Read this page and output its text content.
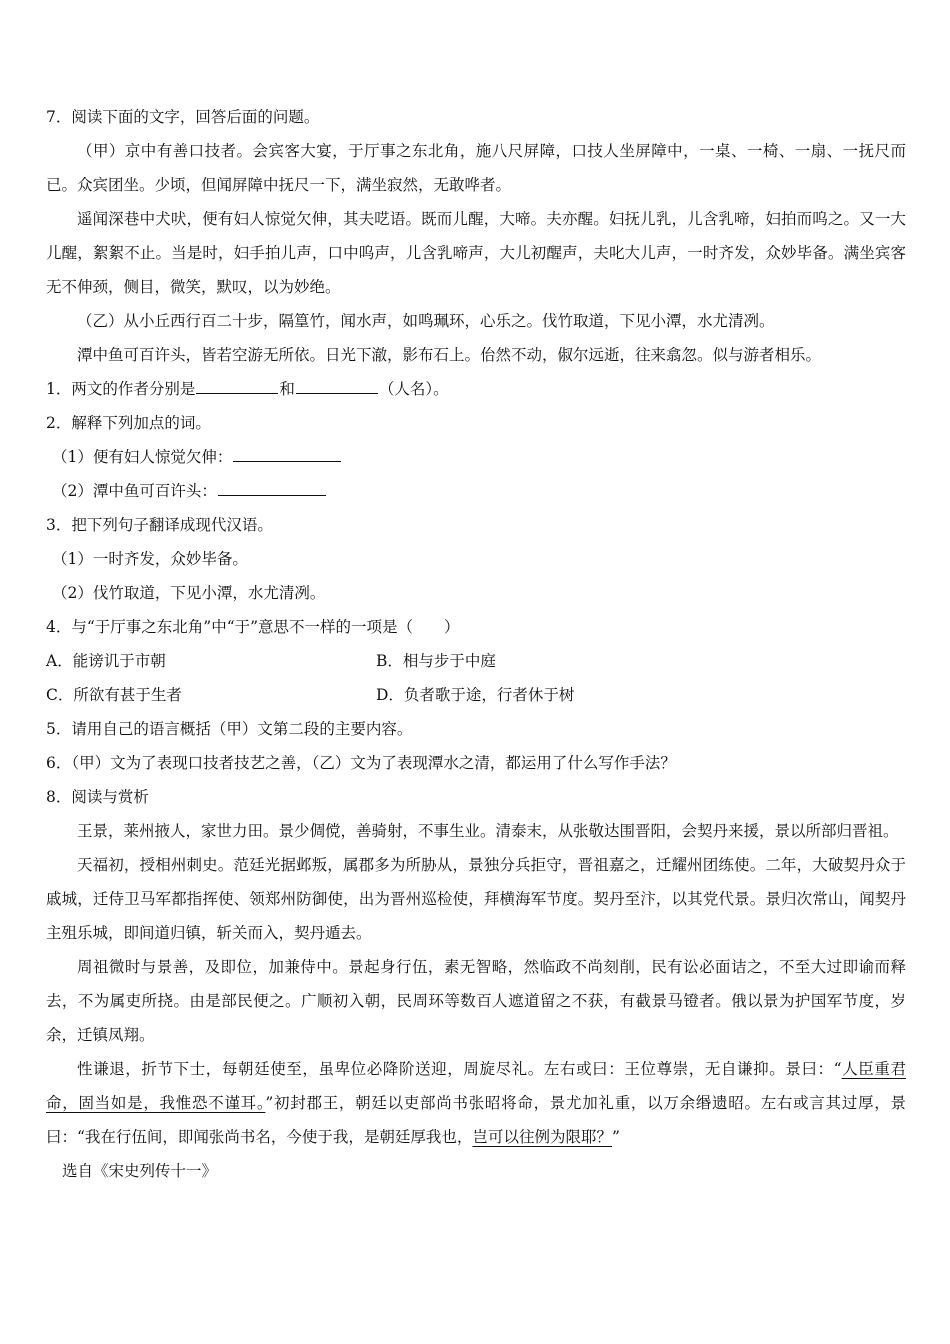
7．阅读下面的文字，回答后面的问题。

（甲）京中有善口技者。会宾客大宴，于厅事之东北角，施八尺屏障，口技人坐屏障中，一桌、一椅、一扇、一抚尺而已。众宾团坐。少顷，但闻屏障中抚尺一下，满坐寂然，无敢哗者。

遥闻深巷中犬吠，便有妇人惊觉欠伸，其夫呓语。既而儿醒，大啼。夫亦醒。妇抚儿乳，儿含乳啼，妇拍而呜之。又一大儿醒，絮絮不止。当是时，妇手拍儿声，口中呜声，儿含乳啼声，大儿初醒声，夫叱大儿声，一时齐发，众妙毕备。满坐宾客无不伸颈，侧目，微笑，默叹，以为妙绝。

（乙）从小丘西行百二十步，隔篁竹，闻水声，如鸣珮环，心乐之。伐竹取道，下见小潭，水尤清冽。

潭中鱼可百许头，皆若空游无所依。日光下澈，影布石上。佁然不动，俶尔远逝，往来翕忽。似与游者相乐。

1．两文的作者分别是	和	（人名）。
2．解释下列加点的词。
（1）便有妇人惊觉欠伸：
（2）潭中鱼可百许头：
3．把下列句子翻译成现代汉语。
（1）一时齐发，众妙毕备。
（2）伐竹取道，下见小潭，水尤清冽。
4．与“于厅事之东北角”中“于”意思不一样的一项是（　　）
A．能谤讥于市朝	B．相与步于中庭
C．所欲有甚于生者	D．负者歌于途，行者休于树
5．请用自己的语言概括（甲）文第二段的主要内容。
6．（甲）文为了表现口技者技艺之善，（乙）文为了表现潭水之清，都运用了什么写作手法？
8．阅读与赏析

王景，莱州掖人，家世力田。景少倜傥，善骑射，不事生业。清泰末，从张敬达围晋阳，会契丹来援，景以所部归晋祖。

天福初，授相州刺史。范廷光据邺叛，属郡多为所胁从，景独分兵拒守，晋祖嘉之，迁耀州团练使。二年，大破契丹众于戚城，迁侍卫马军都指挥使、领郑州防御使，出为晋州巡检使，拜横海军节度。契丹至汴，以其党代景。景归次常山，闻契丹主殂乐城，即间道归镇，斩关而入，契丹遁去。

周祖微时与景善，及即位，加兼侍中。景起身行伍，素无智略，然临政不尚刻削，民有讼必面诘之，不至大过即谕而释去，不为属吏所挠。由是部民便之。广顺初入朝，民周环等数百人遮道留之不获，有截景马镫者。俄以景为护国军节度，岁余，迁镇凤翔。

性谦退，折节下士，每朝廷使至，虽卑位必降阶送迎，周旋尽礼。左右或曰：王位尊崇，无自谦抑。景曰：“人臣重君命，固当如是，我惟恐不谨耳。”初封郡王，朝廷以吏部尚书张昭将命，景尤加礼重，以万余缗遗昭。左右或言其过厚，景曰：“我在行伍间，即闻张尚书名，今使于我，是朝廷厚我也，岂可以往例为限耶？”

选自《宋史列传十一》
